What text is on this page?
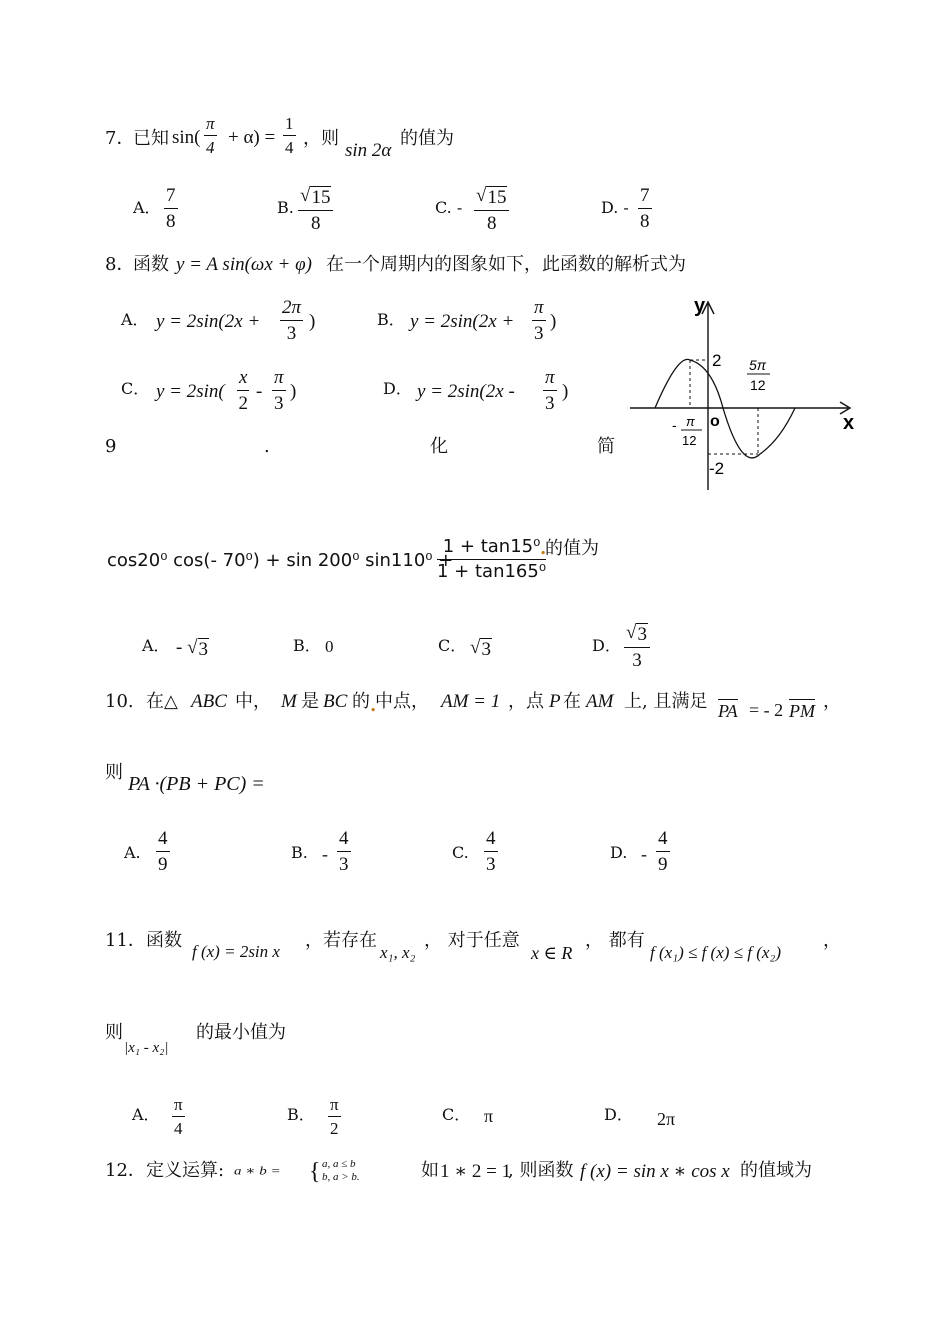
7．
已知 sin(
π
4 + α) =
1
4 ，则
sin 2α
的值为
A．
7
8
B.
√ 15
8
C. -
√ 15
8
D. -
7
8
8．
函数 y = A sin(ωx + φ) 在一个周期内的图象如下，此函数的解析式为
A． y = 2sin(2x +
2π
3
)	B． y = 2sin(2x +
π
3
)
C． y = 2sin(
x
2
-
π
3
)	D． y = 2sin(2x -
π
3
)
y
x
o
2
-2
- π
12
5π
12
9	.	化	简
cos20⁰ cos(- 70⁰) + sin 200⁰ sin110⁰ +
1 + tan15⁰
1 + tan165⁰
.
的值为
A． - √ 3	B． 0	C． √ 3	D．
√ 3
3
10. 在△ ABC 中， M 是 BC 的 .
中点， AM = 1 ，点 P 在 AM 上, 且满足 PA = - 2 PM ，
则
PA ·(PB + PC) =
A.
4
9
B. -
4
3
C.
4
3
D. -
4
9
11． 函数
f (x) = 2sin x
，若存在
x₁, x₂
， 对于任意
x ∈ R
， 都有
f (x₁) ≤ f (x) ≤ f (x₂)
，
则
|x₁ - x₂|
的最小值为
A．
π
4
B．
π
2
C． π	D． 2π
12． 定义运算: a ∗ b = { a, a ≤ b
b, a > b.	如 1 ∗ 2 = 1
, 则函数 f (x) = sin x ∗ cos x 的值域为
